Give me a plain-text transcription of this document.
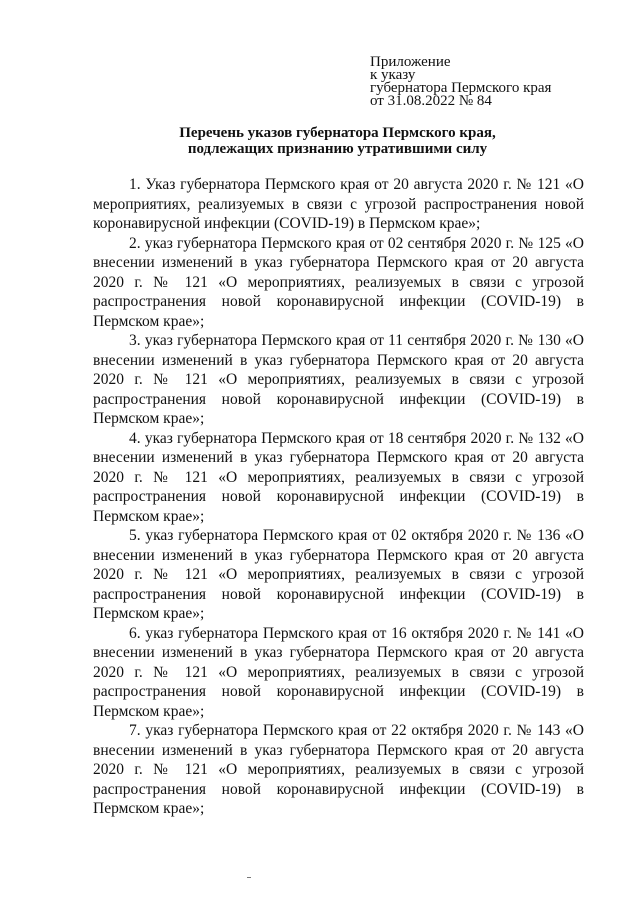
Приложение
к указу
губернатора Пермского края
от 31.08.2022 № 84
Перечень указов губернатора Пермского края,
подлежащих признанию утратившими силу

1. Указ губернатора Пермского края от 20 августа 2020 г. № 121 «О мероприятиях, реализуемых в связи с угрозой распространения новой коронавирусной инфекции (COVID-19) в Пермском крае»;

2. указ губернатора Пермского края от 02 сентября 2020 г. № 125 «О внесении изменений в указ губернатора Пермского края от 20 августа 2020 г. № 121 «О мероприятиях, реализуемых в связи с угрозой распространения новой коронавирусной инфекции (COVID-19) в Пермском крае»;

3. указ губернатора Пермского края от 11 сентября 2020 г. № 130 «О внесении изменений в указ губернатора Пермского края от 20 августа 2020 г. № 121 «О мероприятиях, реализуемых в связи с угрозой распространения новой коронавирусной инфекции (COVID-19) в Пермском крае»;

4. указ губернатора Пермского края от 18 сентября 2020 г. № 132 «О внесении изменений в указ губернатора Пермского края от 20 августа 2020 г. № 121 «О мероприятиях, реализуемых в связи с угрозой распространения новой коронавирусной инфекции (COVID-19) в Пермском крае»;

5. указ губернатора Пермского края от 02 октября 2020 г. № 136 «О внесении изменений в указ губернатора Пермского края от 20 августа 2020 г. № 121 «О мероприятиях, реализуемых в связи с угрозой распространения новой коронавирусной инфекции (COVID-19) в Пермском крае»;

6. указ губернатора Пермского края от 16 октября 2020 г. № 141 «О внесении изменений в указ губернатора Пермского края от 20 августа 2020 г. № 121 «О мероприятиях, реализуемых в связи с угрозой распространения новой коронавирусной инфекции (COVID-19) в Пермском крае»;

7. указ губернатора Пермского края от 22 октября 2020 г. № 143 «О внесении изменений в указ губернатора Пермского края от 20 августа 2020 г. № 121 «О мероприятиях, реализуемых в связи с угрозой распространения новой коронавирусной инфекции (COVID-19) в Пермском крае»;
